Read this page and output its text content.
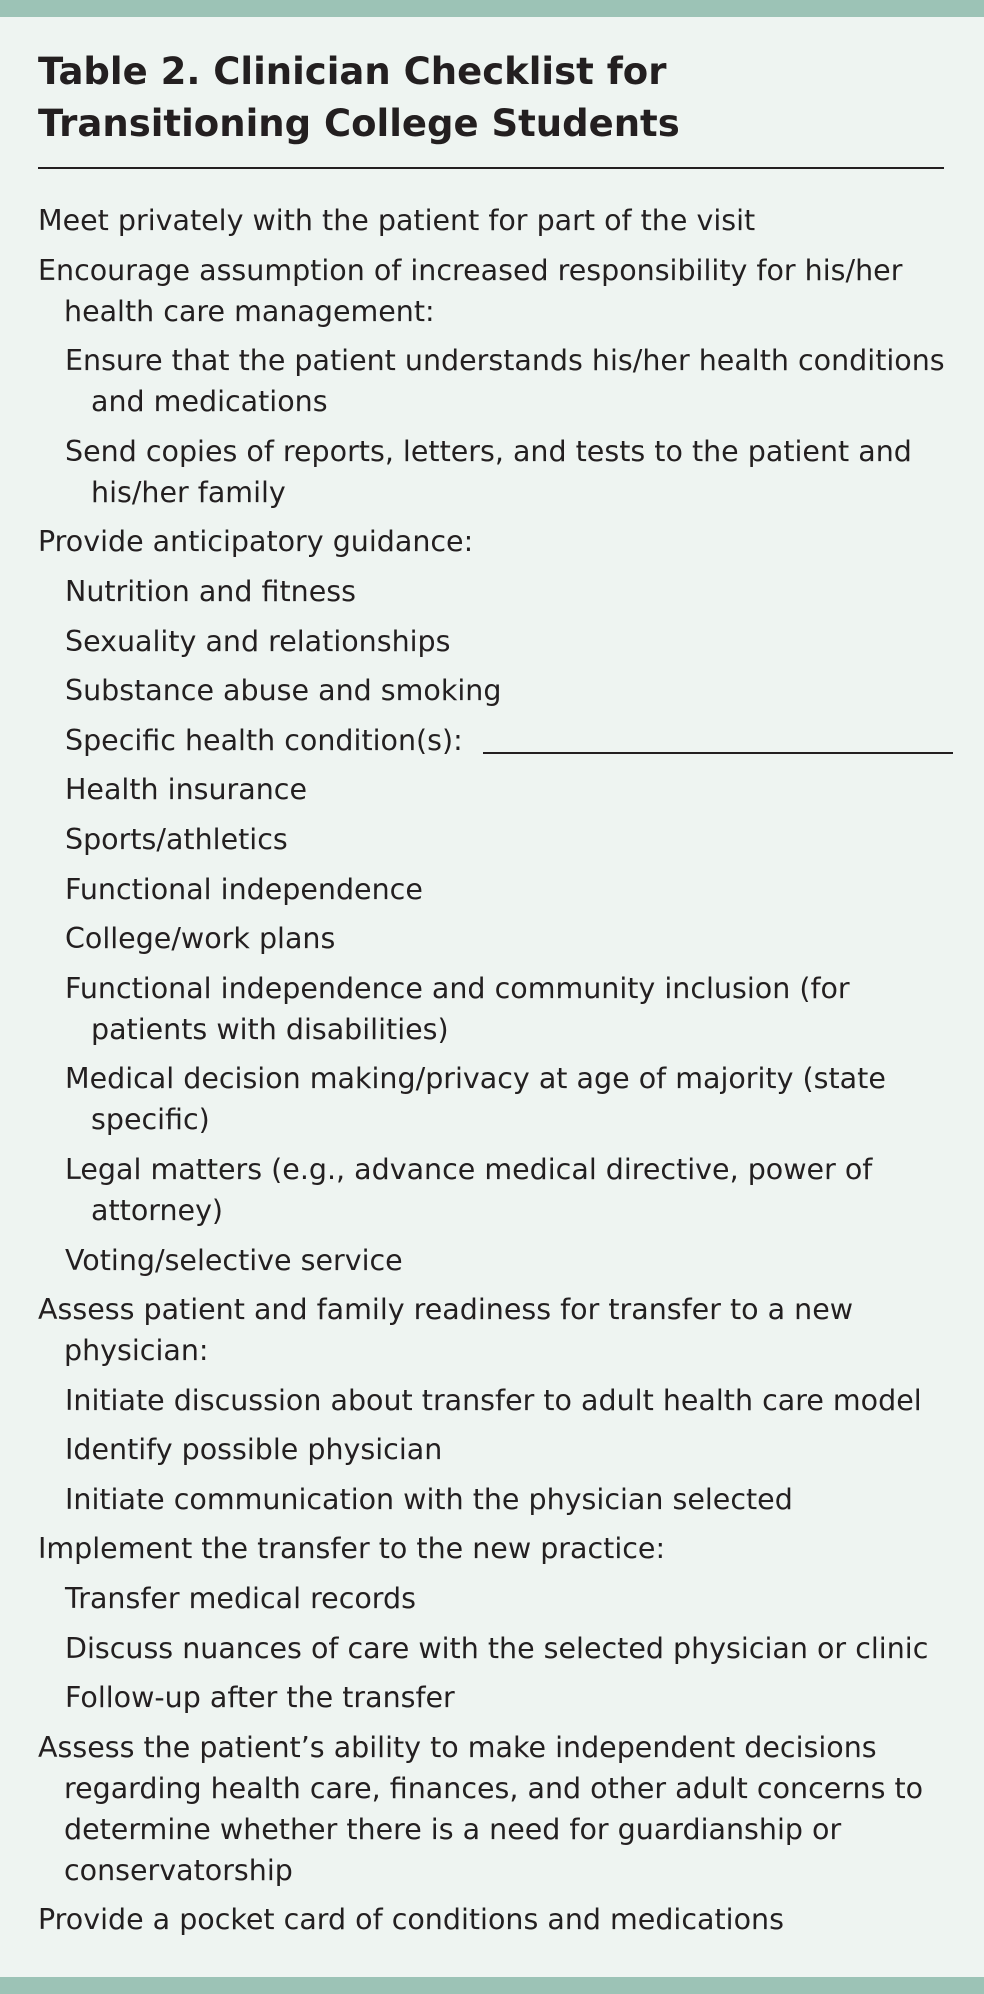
Table 2. Clinician Checklist for Transitioning College Students
Meet privately with the patient for part of the visit
Encourage assumption of increased responsibility for his/her health care management:
Ensure that the patient understands his/her health conditions and medications
Send copies of reports, letters, and tests to the patient and his/her family
Provide anticipatory guidance:
Nutrition and fitness
Sexuality and relationships
Substance abuse and smoking
Specific health condition(s):
Health insurance
Sports/athletics
Functional independence
College/work plans
Functional independence and community inclusion (for patients with disabilities)
Medical decision making/privacy at age of majority (state specific)
Legal matters (e.g., advance medical directive, power of attorney)
Voting/selective service
Assess patient and family readiness for transfer to a new physician:
Initiate discussion about transfer to adult health care model
Identify possible physician
Initiate communication with the physician selected
Implement the transfer to the new practice:
Transfer medical records
Discuss nuances of care with the selected physician or clinic
Follow-up after the transfer
Assess the patient’s ability to make independent decisions regarding health care, finances, and other adult concerns to determine whether there is a need for guardianship or conservatorship
Provide a pocket card of conditions and medications
